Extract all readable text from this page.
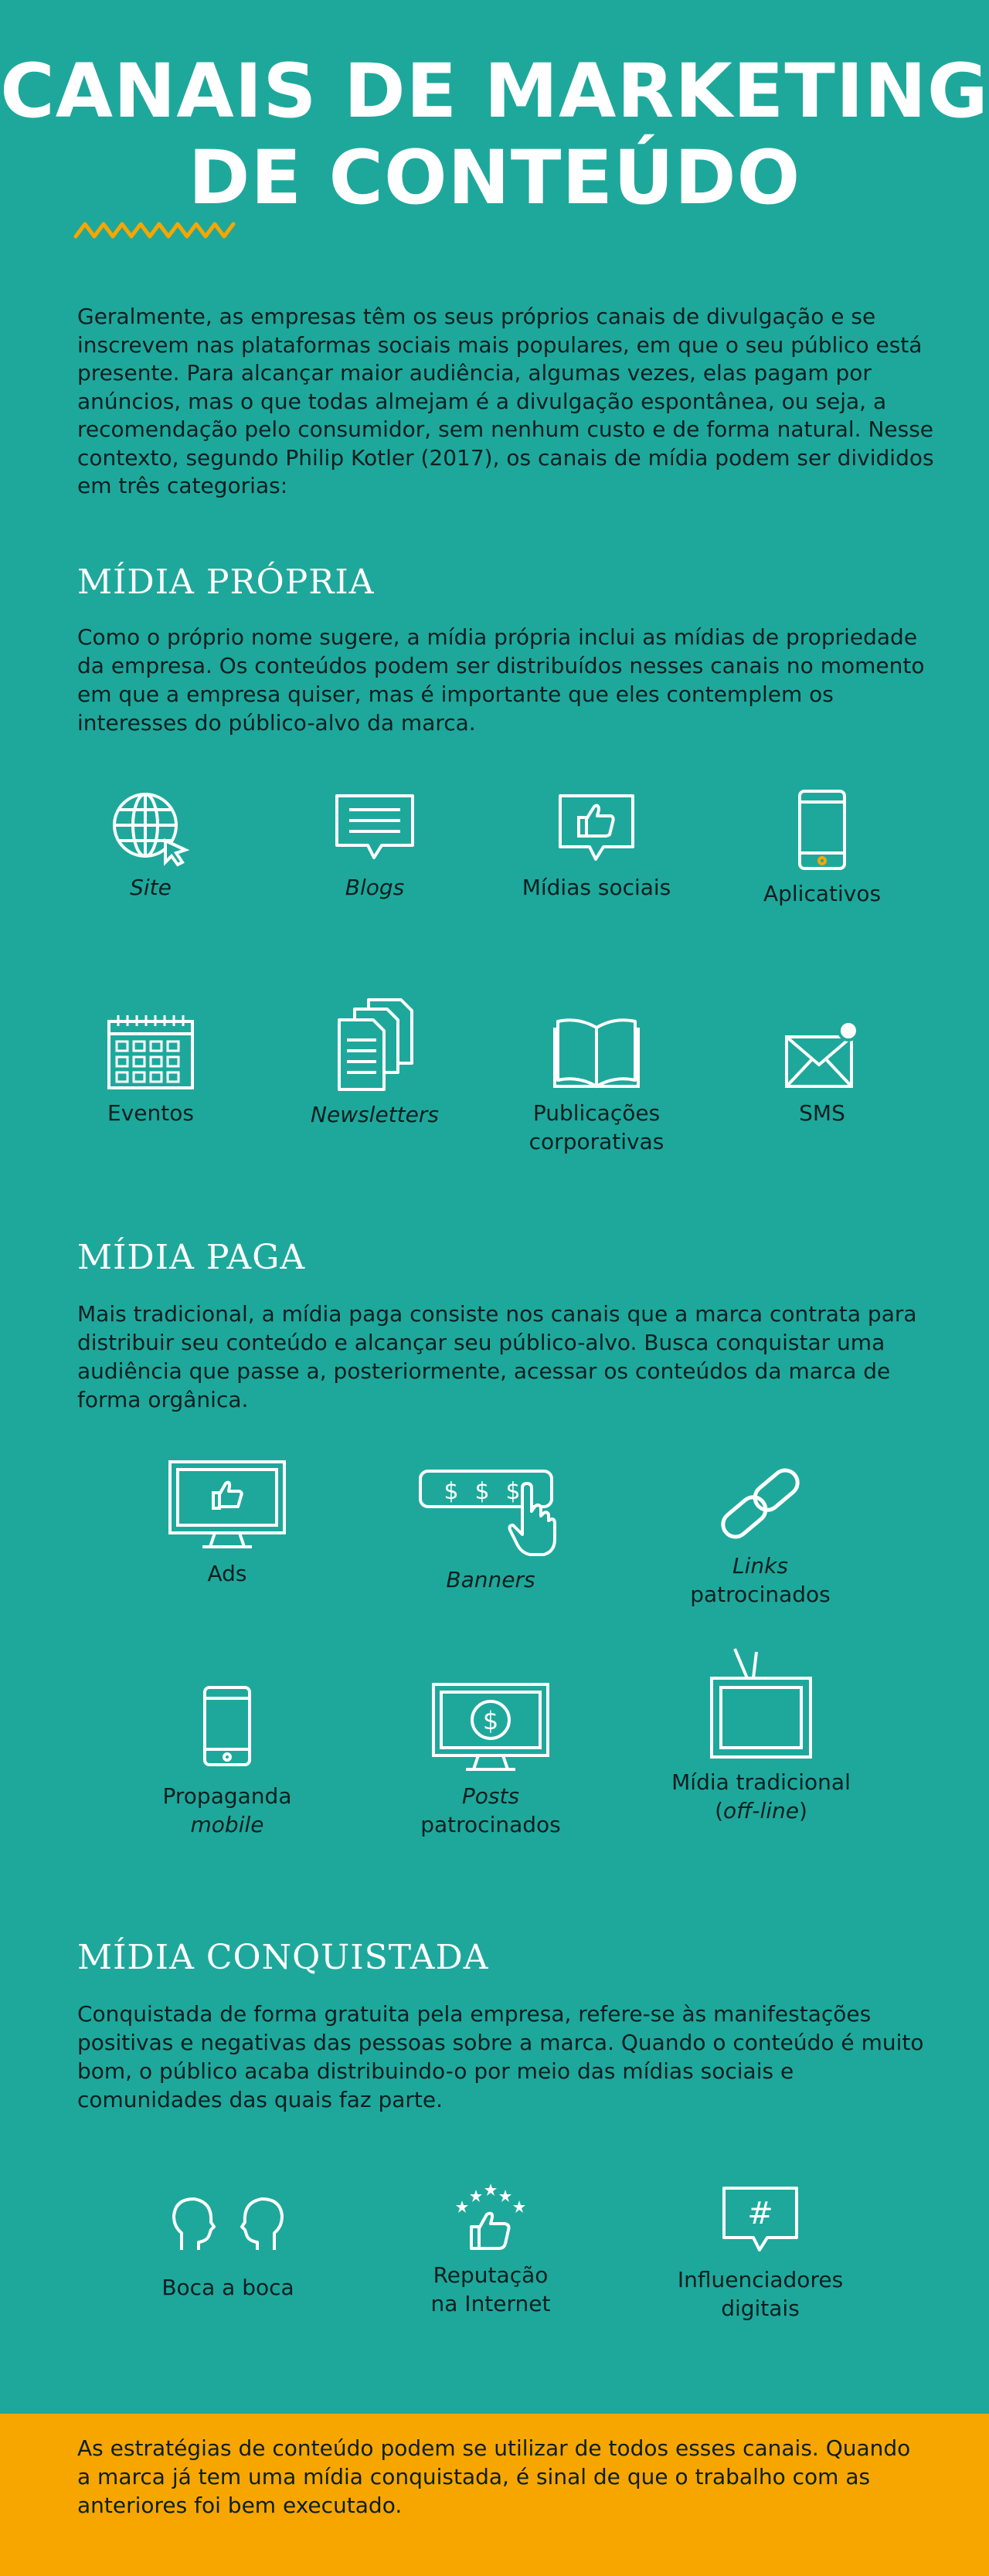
CANAIS DE MARKETING
DE CONTEÚDO

Geralmente, as empresas têm os seus próprios canais de divulgação e se inscrevem nas plataformas sociais mais populares, em que o seu público está presente. Para alcançar maior audiência, algumas vezes, elas pagam por anúncios, mas o que todas almejam é a divulgação espontânea, ou seja, a recomendação pelo consumidor, sem nenhum custo e de forma natural. Nesse contexto, segundo Philip Kotler (2017), os canais de mídia podem ser divididos em três categorias:

MÍDIA PRÓPRIA

Como o próprio nome sugere, a mídia própria inclui as mídias de propriedade da empresa. Os conteúdos podem ser distribuídos nesses canais no momento em que a empresa quiser, mas é importante que eles contemplem os interesses do público-alvo da marca.

Site	Blogs	Mídias sociais	Aplicativos
Eventos	Newsletters	Publicações
corporativas
SMS
MÍDIA PAGA

Mais tradicional, a mídia paga consiste nos canais que a marca contrata para distribuir seu conteúdo e alcançar seu público-alvo. Busca conquistar uma audiência que passe a, posteriormente, acessar os conteúdos da marca de forma orgânica.

Ads
$ $ $
Banners
Links
patrocinados
Propaganda
mobile
$
Posts
patrocinados
Mídia tradicional
(off-line)
MÍDIA CONQUISTADA

Conquistada de forma gratuita pela empresa, refere-se às manifestações positivas e negativas das pessoas sobre a marca. Quando o conteúdo é muito bom, o público acaba distribuindo-o por meio das mídias sociais e comunidades das quais faz parte.

Boca a boca	Reputação
na Internet
#
Influenciadores
digitais

As estratégias de conteúdo podem se utilizar de todos esses canais. Quando a marca já tem uma mídia conquistada, é sinal de que o trabalho com as anteriores foi bem executado.
